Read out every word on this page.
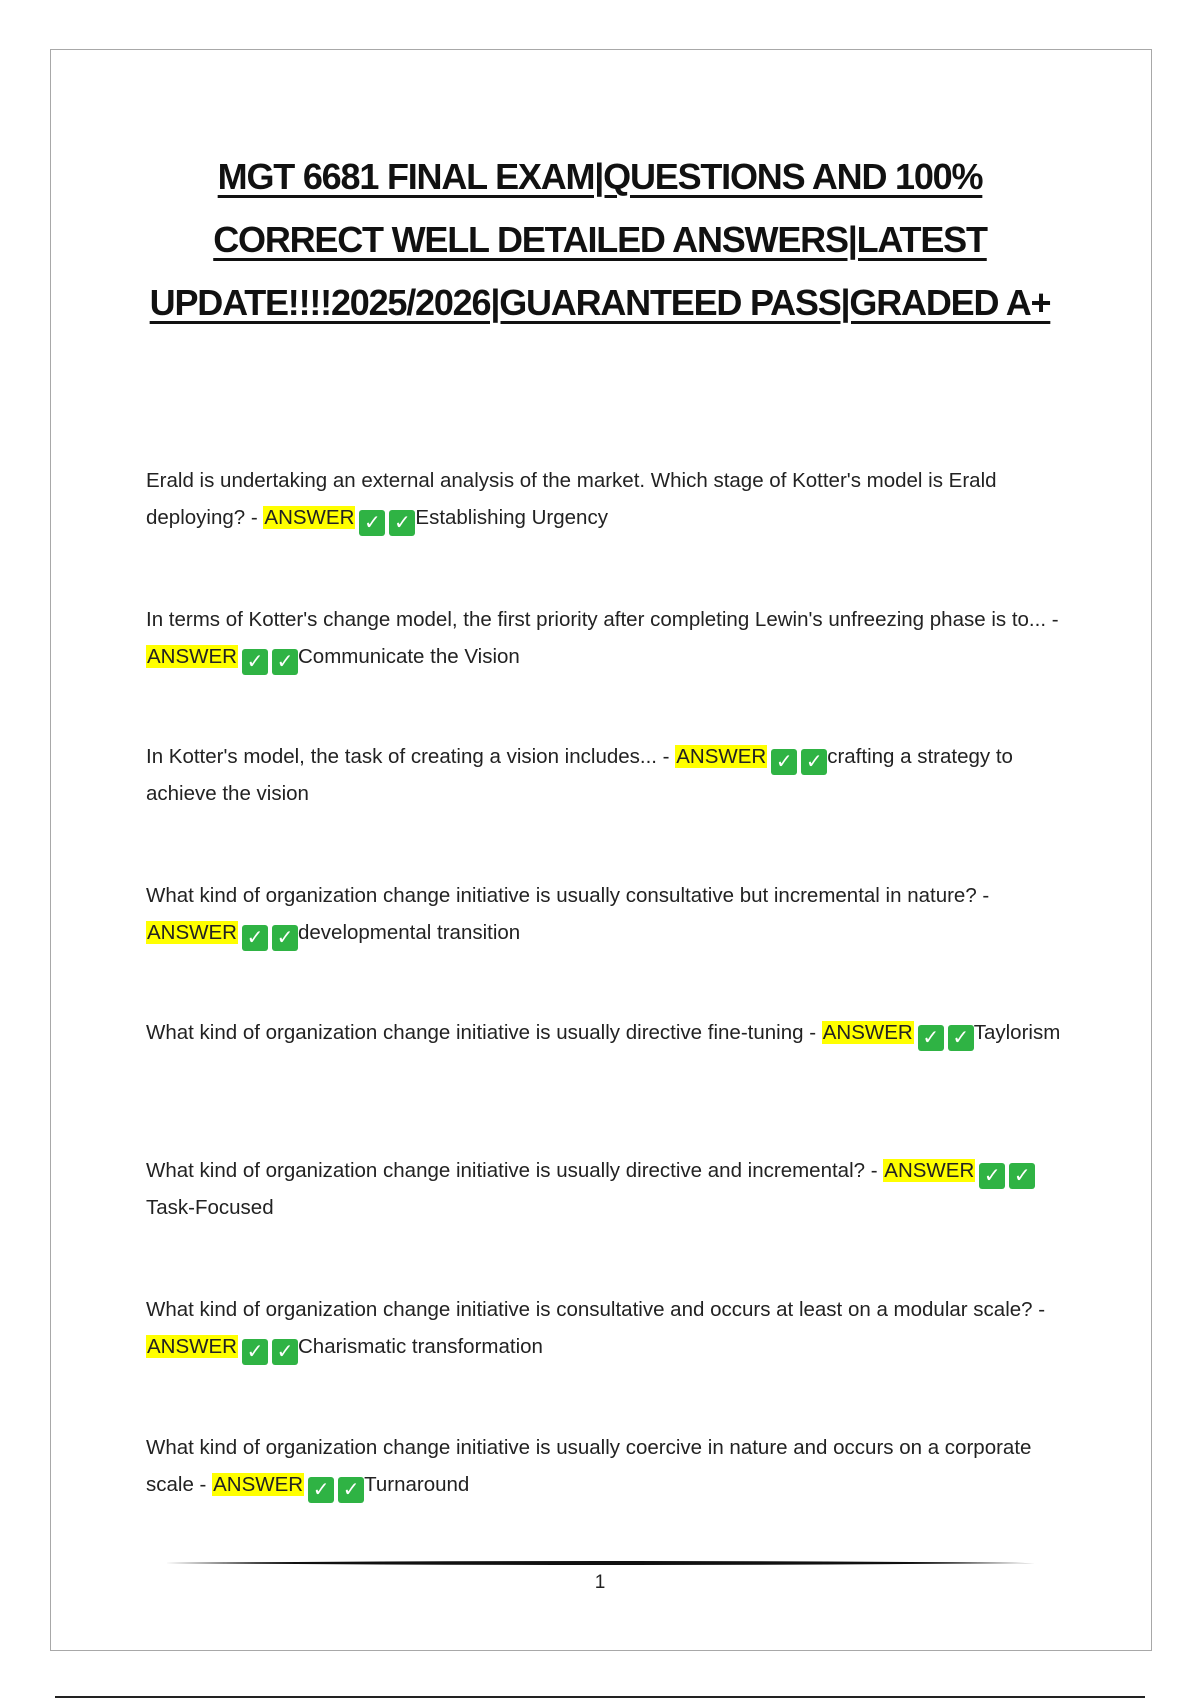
MGT 6681 FINAL EXAM|QUESTIONS AND 100% CORRECT WELL DETAILED ANSWERS|LATEST UPDATE!!!!2025/2026|GUARANTEED PASS|GRADED A+

Erald is undertaking an external analysis of the market. Which stage of Kotter's model is Erald deploying? - ANSWER ✓ ✓ Establishing Urgency

In terms of Kotter's change model, the first priority after completing Lewin's unfreezing phase is to... - ANSWER ✓ ✓ Communicate the Vision

In Kotter's model, the task of creating a vision includes... - ANSWER ✓ ✓ crafting a strategy to achieve the vision

What kind of organization change initiative is usually consultative but incremental in nature? - ANSWER ✓ ✓ developmental transition

What kind of organization change initiative is usually directive fine-tuning - ANSWER ✓ ✓ Taylorism

What kind of organization change initiative is usually directive and incremental? - ANSWER ✓ ✓Task-Focused

What kind of organization change initiative is consultative and occurs at least on a modular scale? - ANSWER ✓ ✓ Charismatic transformation

What kind of organization change initiative is usually coercive in nature and occurs on a corporate scale - ANSWER ✓ ✓ Turnaround

1
